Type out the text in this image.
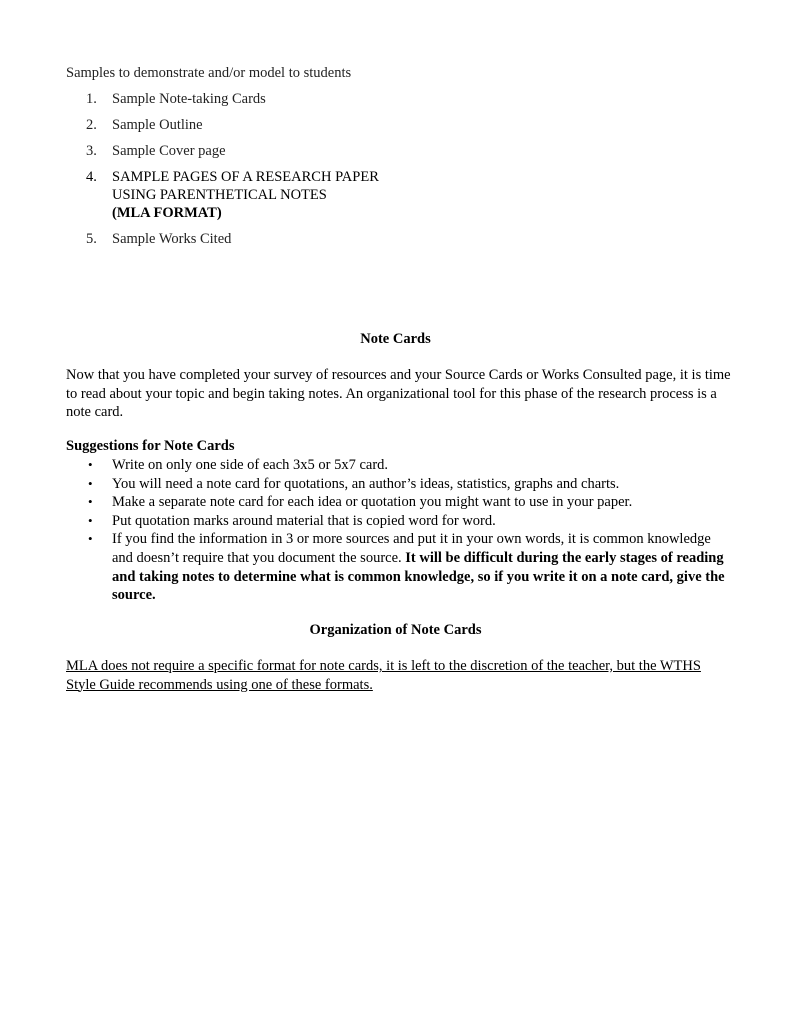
Samples to demonstrate and/or model to students
1. Sample Note-taking Cards
2. Sample Outline
3. Sample Cover page
4. SAMPLE PAGES OF A RESEARCH PAPER
USING PARENTHETICAL NOTES
(MLA FORMAT)
5. Sample Works Cited
Note Cards

Now that you have completed your survey of resources and your Source Cards or Works Consulted page, it is time to read about your topic and begin taking notes. An organizational tool for this phase of the research process is a note card.

Suggestions for Note Cards
• Write on only one side of each 3x5 or 5x7 card.
• You will need a note card for quotations, an author’s ideas, statistics, graphs and charts.
• Make a separate note card for each idea or quotation you might want to use in your paper.
• Put quotation marks around material that is copied word for word.
• If you find the information in 3 or more sources and put it in your own words, it is common knowledge and doesn’t require that you document the source. It will be difficult during the early stages of reading and taking notes to determine what is common knowledge, so if you write it on a note card, give the source.
Organization of Note Cards

MLA does not require a specific format for note cards, it is left to the discretion of the teacher, but the WTHS Style Guide recommends using one of these formats.
